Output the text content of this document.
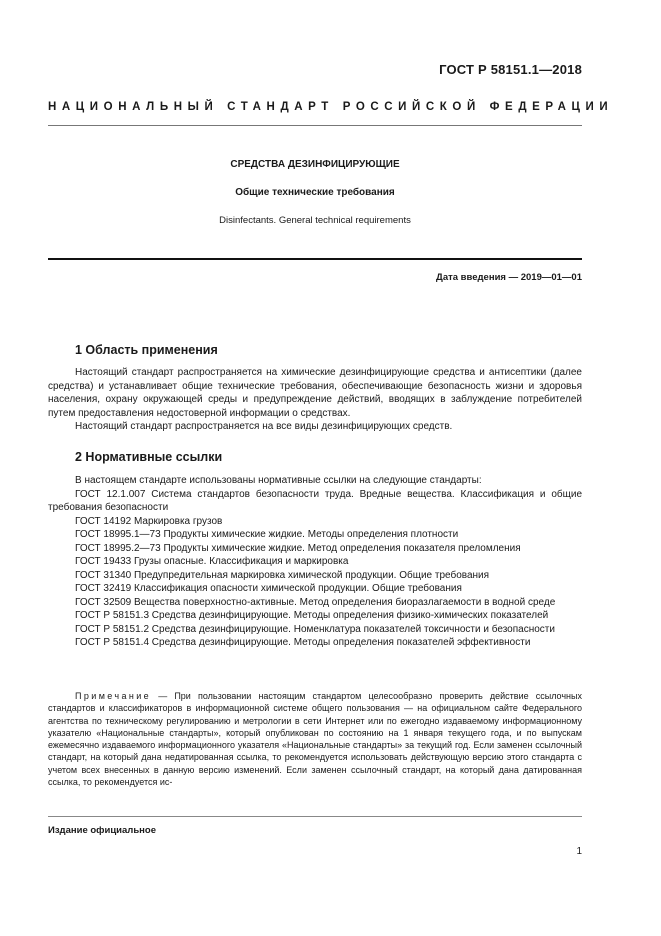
ГОСТ Р 58151.1—2018
НАЦИОНАЛЬНЫЙ СТАНДАРТ РОССИЙСКОЙ ФЕДЕРАЦИИ
СРЕДСТВА ДЕЗИНФИЦИРУЮЩИЕ
Общие технические требования
Disinfectants. General technical requirements
Дата введения — 2019—01—01
1 Область применения

Настоящий стандарт распространяется на химические дезинфицирующие средства и антисептики (далее средства) и устанавливает общие технические требования, обеспечивающие безопасность жизни и здоровья населения, охрану окружающей среды и предупреждение действий, вводящих в заблуждение потребителей путем предоставления недостоверной информации о средствах.

Настоящий стандарт распространяется на все виды дезинфицирующих средств.

2 Нормативные ссылки

В настоящем стандарте использованы нормативные ссылки на следующие стандарты:

ГОСТ 12.1.007 Система стандартов безопасности труда. Вредные вещества. Классификация и общие требования безопасности

ГОСТ 14192 Маркировка грузов

ГОСТ 18995.1—73 Продукты химические жидкие. Методы определения плотности

ГОСТ 18995.2—73 Продукты химические жидкие. Метод определения показателя преломления

ГОСТ 19433 Грузы опасные. Классификация и маркировка

ГОСТ 31340 Предупредительная маркировка химической продукции. Общие требования

ГОСТ 32419 Классификация опасности химической продукции. Общие требования

ГОСТ 32509 Вещества поверхностно-активные. Метод определения биоразлагаемости в водной среде

ГОСТ Р 58151.3 Средства дезинфицирующие. Методы определения физико-химических показателей

ГОСТ Р 58151.2 Средства дезинфицирующие. Номенклатура показателей токсичности и безопасности

ГОСТ Р 58151.4 Средства дезинфицирующие. Методы определения показателей эффективности

Примечание — При пользовании настоящим стандартом целесообразно проверить действие ссылочных стандартов и классификаторов в информационной системе общего пользования — на официальном сайте Федерального агентства по техническому регулированию и метрологии в сети Интернет или по ежегодно издаваемому информационному указателю «Национальные стандарты», который опубликован по состоянию на 1 января текущего года, и по выпускам ежемесячно издаваемого информационного указателя «Национальные стандарты» за текущий год. Если заменен ссылочный стандарт, на который дана недатированная ссылка, то рекомендуется использовать действующую версию этого стандарта с учетом всех внесенных в данную версию изменений. Если заменен ссылочный стандарт, на который дана датированная ссылка, то рекомендуется ис-

Издание официальное
1
